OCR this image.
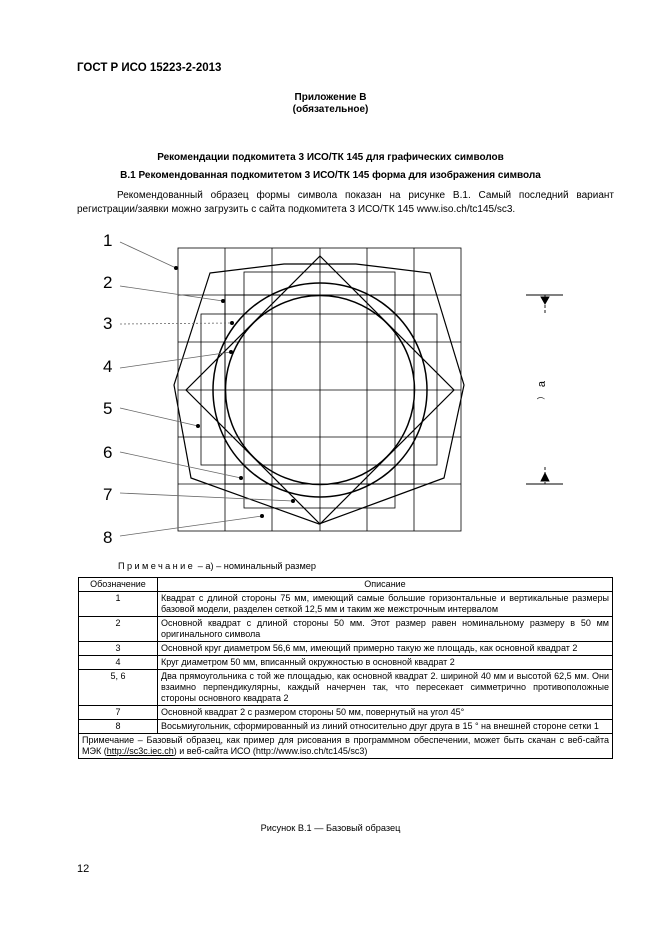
ГОСТ Р ИСО 15223-2-2013
Приложение В
(обязательное)
Рекомендации подкомитета 3 ИСО/ТК 145 для графических символов
В.1 Рекомендованная подкомитетом 3 ИСО/ТК 145 форма для изображения символа
Рекомендованный образец формы символа показан на рисунке В.1. Самый последний вариант регистрации/заявки можно загрузить с сайта подкомитета 3 ИСО/ТК 145 www.iso.ch/tc145/sc3.
a
)
1
2
3
4
5
6
7
8
Примечание – а) – номинальный размер
Обозначение	Описание
1	Квадрат с длиной стороны 75 мм, имеющий самые большие горизонтальные и вертикальные размеры базовой модели, разделен сеткой 12,5 мм и таким же межстрочным интервалом
2	Основной квадрат с длиной стороны 50 мм. Этот размер равен номинальному размеру в 50 мм оригинального символа
3	Основной круг диаметром 56,6 мм, имеющий примерно такую же площадь, как основной квадрат 2
4	Круг диаметром 50 мм, вписанный окружностью в основной квадрат 2
5, 6	Два прямоугольника с той же площадью, как основной квадрат 2. шириной 40 мм и высотой 62,5 мм. Они взаимно перпендикулярны, каждый начерчен так, что пересекает симметрично противоположные стороны основного квадрата 2
7	Основной квадрат 2 с размером стороны 50 мм, повернутый на угол 45°
8	Восьмиугольник, сформированный из линий относительно друг друга в 15 ° на внешней стороне сетки 1
Примечание – Базовый образец, как пример для рисования в программном обеспечении, может быть скачан с веб-сайта МЭК (http://sc3c.iec.ch) и веб-сайта ИСО (http://www.iso.ch/tc145/sc3)	
Рисунок В.1 — Базовый образец
12
